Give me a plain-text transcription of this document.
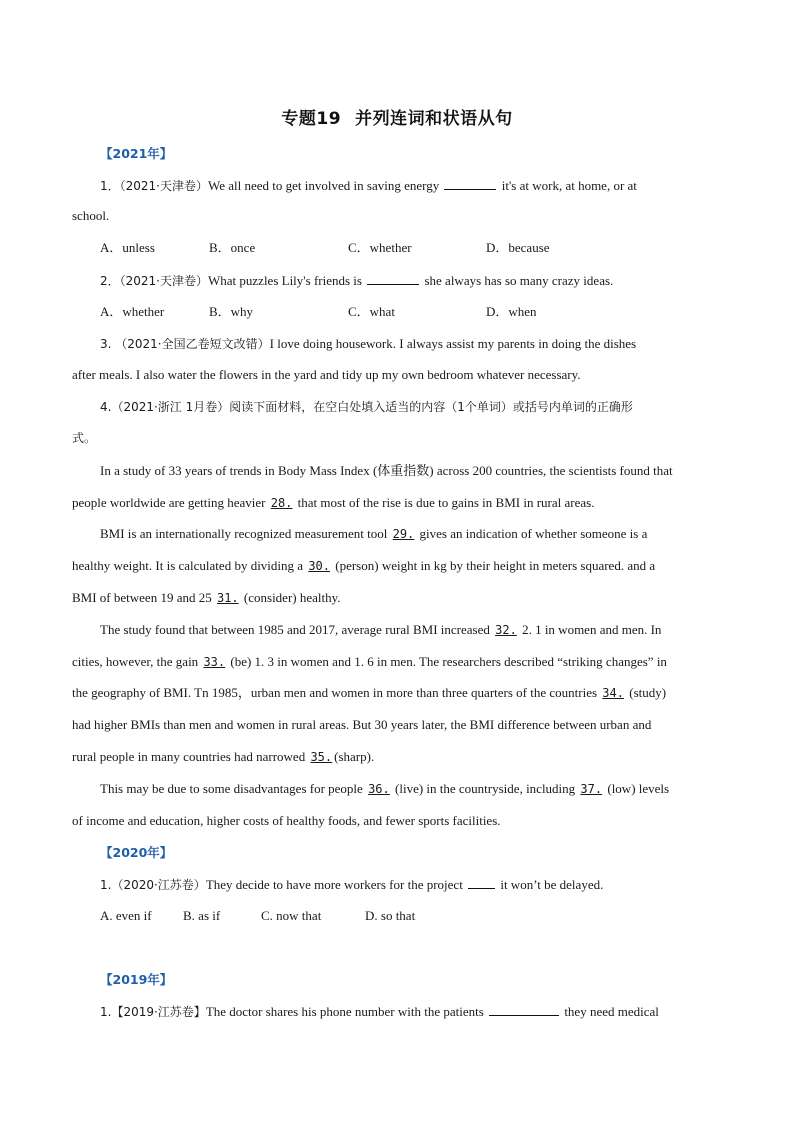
专题19 并列连词和状语从句
【2021年】
1．（2021·天津卷）We all need to get involved in saving energy	it's at work, at home, or at
school.
A．unless	B．once	C．whether	D．because
2．（2021·天津卷）What puzzles Lily's friends is	she always has so many crazy ideas.
A．whether	B．why	C．what	D．when
3. （2021·全国乙卷短文改错）I love doing housework. I always assist my parents in doing the dishes
after meals. I also water the flowers in the yard and tidy up my own bedroom whatever necessary.
4.（2021·浙江 1月卷）阅读下面材料，在空白处填入适当的内容（1个单词）或括号内单词的正确形
式。
In a study of 33 years of trends in Body Mass Index (体重指数) across 200 countries, the scientists found that
people worldwide are getting heavier 28. that most of the rise is due to gains in BMI in rural areas.
BMI is an internationally recognized measurement tool 29. gives an indication of whether someone is a
healthy weight. It is calculated by dividing a 30. (person) weight in kg by their height in meters squared. and a
BMI of between 19 and 25 31. (consider) healthy.
The study found that between 1985 and 2017, average rural BMI increased 32. 2. 1 in women and men. In
cities, however, the gain 33. (be) 1. 3 in women and 1. 6 in men. The researchers described “striking changes” in
the geography of BMI. Tn 1985，urban men and women in more than three quarters of the countries 34. (study)
had higher BMIs than men and women in rural areas. But 30 years later, the BMI difference between urban and
rural people in many countries had narrowed 35. (sharp).
This may be due to some disadvantages for people 36. (live) in the countryside, including 37. (low) levels
of income and education, higher costs of healthy foods, and fewer sports facilities.
【2020年】
1.（2020·江苏卷）They decide to have more workers for the project	it won’t be delayed.
A. even if B. as if	C. now that	D. so that
【2019年】
1.【2019·江苏卷】The doctor shares his phone number with the patients	they need medical
